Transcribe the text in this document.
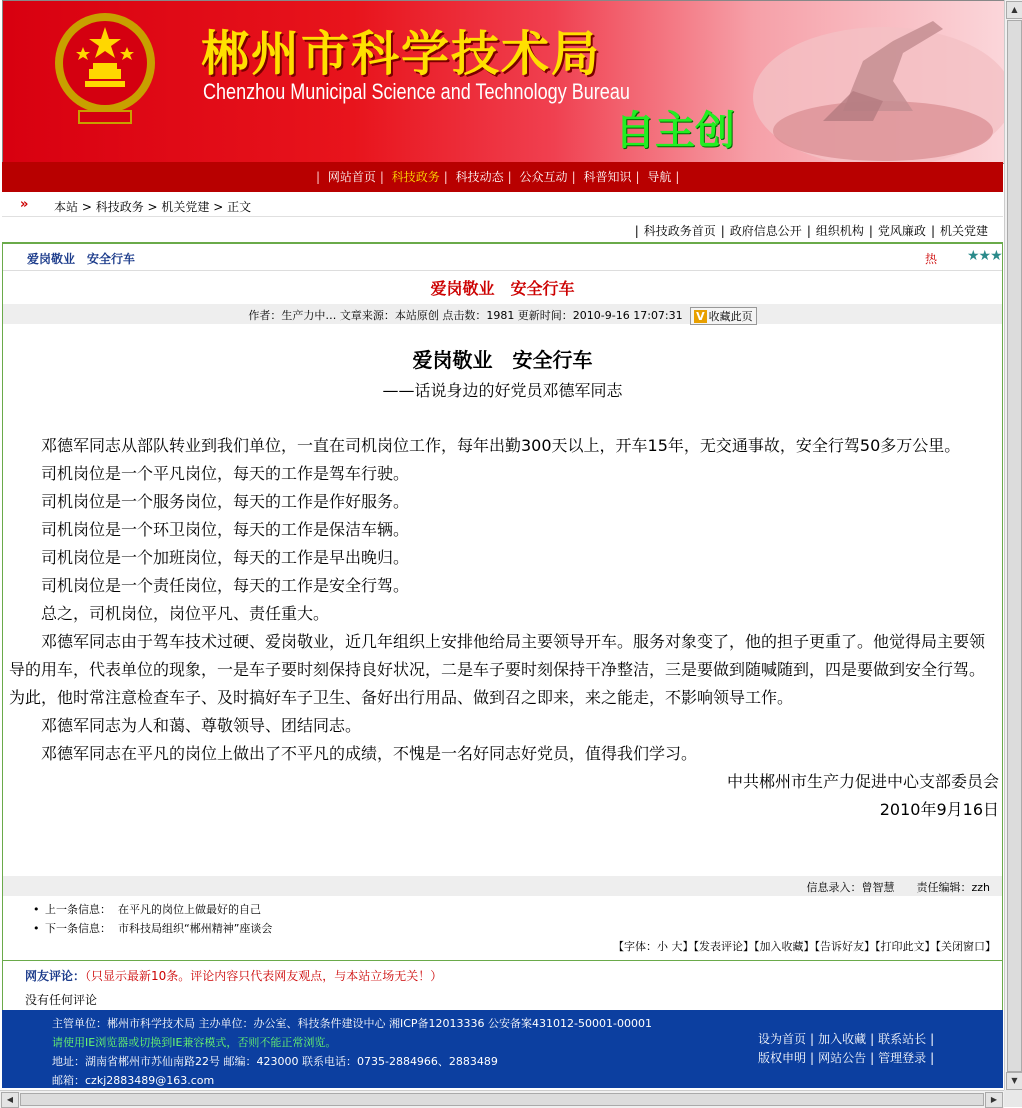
郴州市科学技术局
Chenzhou Municipal Science and Technology Bureau
自主创
| 网站首页 | 科技政务 | 科技动态 | 公众互动 | 科普知识 | 导航 |
» 本站 > 科技政务 > 机关党建 > 正文
| 科技政务首页 | 政府信息公开 | 组织机构 | 党风廉政 | 机关党建
爱岗敬业　安全行车	热 ★★★
爱岗敬业　安全行车
作者：生产力中… 文章来源：本站原创 点击数：1981 更新时间：2010-9-16 17:07:31 V 收藏此页
爱岗敬业　安全行车
——话说身边的好党员邓德军同志

邓德军同志从部队转业到我们单位，一直在司机岗位工作，每年出勤300天以上，开车15年，无交通事故，安全行驾50多万公里。

司机岗位是一个平凡岗位，每天的工作是驾车行驶。

司机岗位是一个服务岗位，每天的工作是作好服务。

司机岗位是一个环卫岗位，每天的工作是保洁车辆。

司机岗位是一个加班岗位，每天的工作是早出晚归。

司机岗位是一个责任岗位，每天的工作是安全行驾。

总之，司机岗位，岗位平凡、责任重大。

邓德军同志由于驾车技术过硬、爱岗敬业，近几年组织上安排他给局主要领导开车。服务对象变了，他的担子更重了。他觉得局主要领导的用车，代表单位的现象，一是车子要时刻保持良好状况，二是车子要时刻保持干净整洁，三是要做到随喊随到，四是要做到安全行驾。为此，他时常注意检查车子、及时搞好车子卫生、备好出行用品、做到召之即来，来之能走，不影响领导工作。

邓德军同志为人和蔼、尊敬领导、团结同志。

邓德军同志在平凡的岗位上做出了不平凡的成绩，不愧是一名好同志好党员，值得我们学习。

中共郴州市生产力促进中心支部委员会

2010年9月16日

信息录入：曾智慧　　责任编辑：zzh
• 上一条信息： 在平凡的岗位上做最好的自己
• 下一条信息： 市科技局组织“郴州精神”座谈会
【字体：小 大】【发表评论】【加入收藏】【告诉好友】【打印此文】【关闭窗口】
网友评论：（只显示最新10条。评论内容只代表网友观点，与本站立场无关！）
没有任何评论
主管单位：郴州市科学技术局 主办单位：办公室、科技条件建设中心 湘ICP备12013336 公安备案431012-50001-00001
请使用IE浏览器或切换到IE兼容模式，否则不能正常浏览。
地址：湖南省郴州市苏仙南路22号 邮编：423000 联系电话：0735-2884966、2883489
邮箱：czkj2883489@163.com
设为首页 | 加入收藏 | 联系站长 |
版权申明 | 网站公告 | 管理登录 |
▲
▼
◀	▶
